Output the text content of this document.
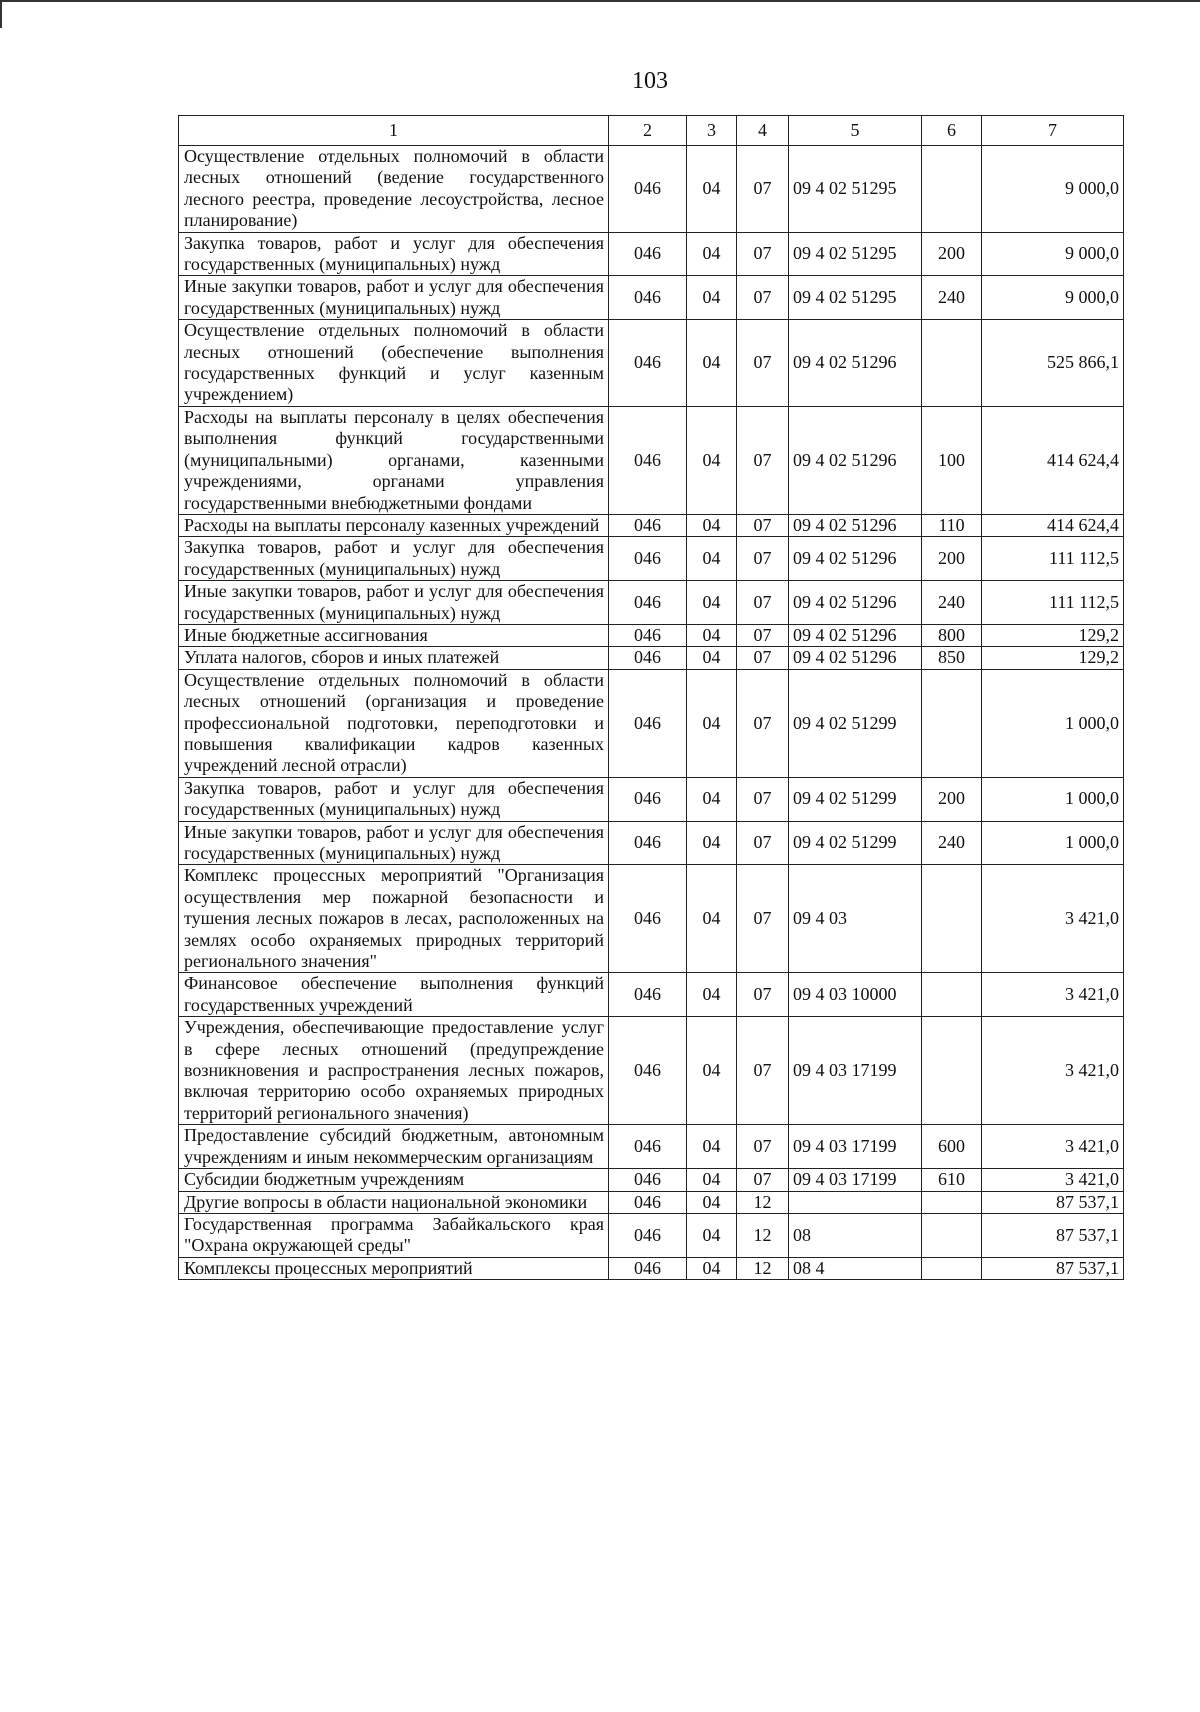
103
1	2	3	4	5	6	7
Осуществление отдельных полномочий в области лесных отношений (ведение государственного лесного реестра, проведение лесоустройства, лесное планирование)	046	04	07	09 4 02 51295		9 000,0
Закупка товаров, работ и услуг для обеспечения государственных (муниципальных) нужд	046	04	07	09 4 02 51295	200	9 000,0
Иные закупки товаров, работ и услуг для обеспечения государственных (муниципальных) нужд	046	04	07	09 4 02 51295	240	9 000,0
Осуществление отдельных полномочий в области лесных отношений (обеспечение выполнения государственных функций и услуг казенным учреждением)	046	04	07	09 4 02 51296		525 866,1
Расходы на выплаты персоналу в целях обеспечения выполнения функций государственными (муниципальными) органами, казенными учреждениями, органами управления государственными внебюджетными фондами	046	04	07	09 4 02 51296	100	414 624,4
Расходы на выплаты персоналу казенных учреждений	046	04	07	09 4 02 51296	110	414 624,4
Закупка товаров, работ и услуг для обеспечения государственных (муниципальных) нужд	046	04	07	09 4 02 51296	200	111 112,5
Иные закупки товаров, работ и услуг для обеспечения государственных (муниципальных) нужд	046	04	07	09 4 02 51296	240	111 112,5
Иные бюджетные ассигнования	046	04	07	09 4 02 51296	800	129,2
Уплата налогов, сборов и иных платежей	046	04	07	09 4 02 51296	850	129,2
Осуществление отдельных полномочий в области лесных отношений (организация и проведение профессиональной подготовки, переподготовки и повышения квалификации кадров казенных учреждений лесной отрасли)	046	04	07	09 4 02 51299		1 000,0
Закупка товаров, работ и услуг для обеспечения государственных (муниципальных) нужд	046	04	07	09 4 02 51299	200	1 000,0
Иные закупки товаров, работ и услуг для обеспечения государственных (муниципальных) нужд	046	04	07	09 4 02 51299	240	1 000,0
Комплекс процессных мероприятий "Организация осуществления мер пожарной безопасности и тушения лесных пожаров в лесах, расположенных на землях особо охраняемых природных территорий регионального значения"	046	04	07	09 4 03		3 421,0
Финансовое обеспечение выполнения функций государственных учреждений	046	04	07	09 4 03 10000		3 421,0
Учреждения, обеспечивающие предоставление услуг в сфере лесных отношений (предупреждение возникновения и распространения лесных пожаров, включая территорию особо охраняемых природных территорий регионального значения)	046	04	07	09 4 03 17199		3 421,0
Предоставление субсидий бюджетным, автономным учреждениям и иным некоммерческим организациям	046	04	07	09 4 03 17199	600	3 421,0
Субсидии бюджетным учреждениям	046	04	07	09 4 03 17199	610	3 421,0
Другие вопросы в области национальной экономики	046	04	12			87 537,1
Государственная программа Забайкальского края "Охрана окружающей среды"	046	04	12	08		87 537,1
Комплексы процессных мероприятий	046	04	12	08 4		87 537,1
